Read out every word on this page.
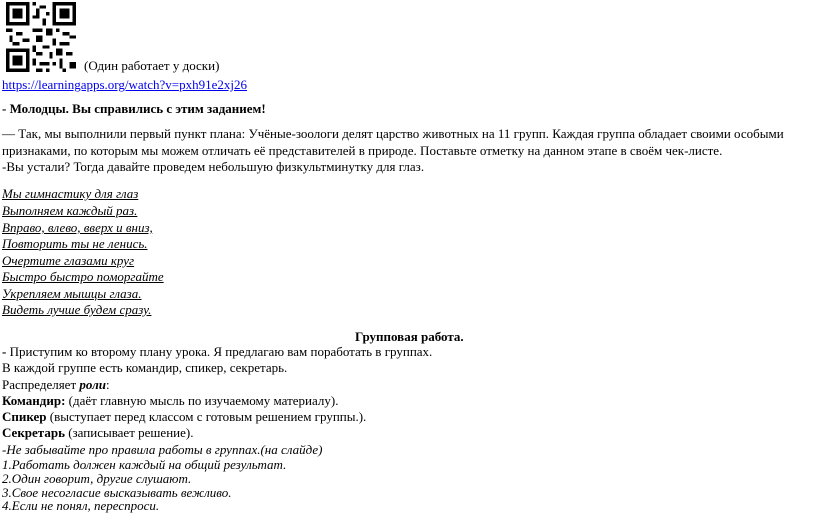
(Один работает у доски)
https://learningapps.org/watch?v=pxh91e2xj26
- Молодцы. Вы справились с этим заданием!
— Так, мы выполнили первый пункт плана: Учёные-зоологи делят царство животных на 11 групп. Каждая группа обладает своими особыми
признаками, по которым мы можем отличать её представителей в природе. Поставьте отметку на данном этапе в своём чек-листе.
-Вы устали? Тогда давайте проведем небольшую физкультминутку для глаз.
Мы гимнастику для глаз
Выполняем каждый раз.
Вправо, влево, вверх и вниз,
Повторить ты не ленись.
Очертите глазами круг
Быстро быстро поморгайте
Укрепляем мышцы глаза.
Видеть лучше будем сразу.
Групповая работа.
- Приступим ко второму плану урока. Я предлагаю вам поработать в группах.
В каждой группе есть командир, спикер, секретарь.
Распределяет роли:
Командир: (даёт главную мысль по изучаемому материалу).
Спикер (выступает перед классом с готовым решением группы.).
Секретарь (записывает решение).
-Не забывайте про правила работы в группах.(на слайде)
1.Работать должен каждый на общий результат.
2.Один говорит, другие слушают.
3.Свое несогласие высказывать вежливо.
4.Если не понял, переспроси.
